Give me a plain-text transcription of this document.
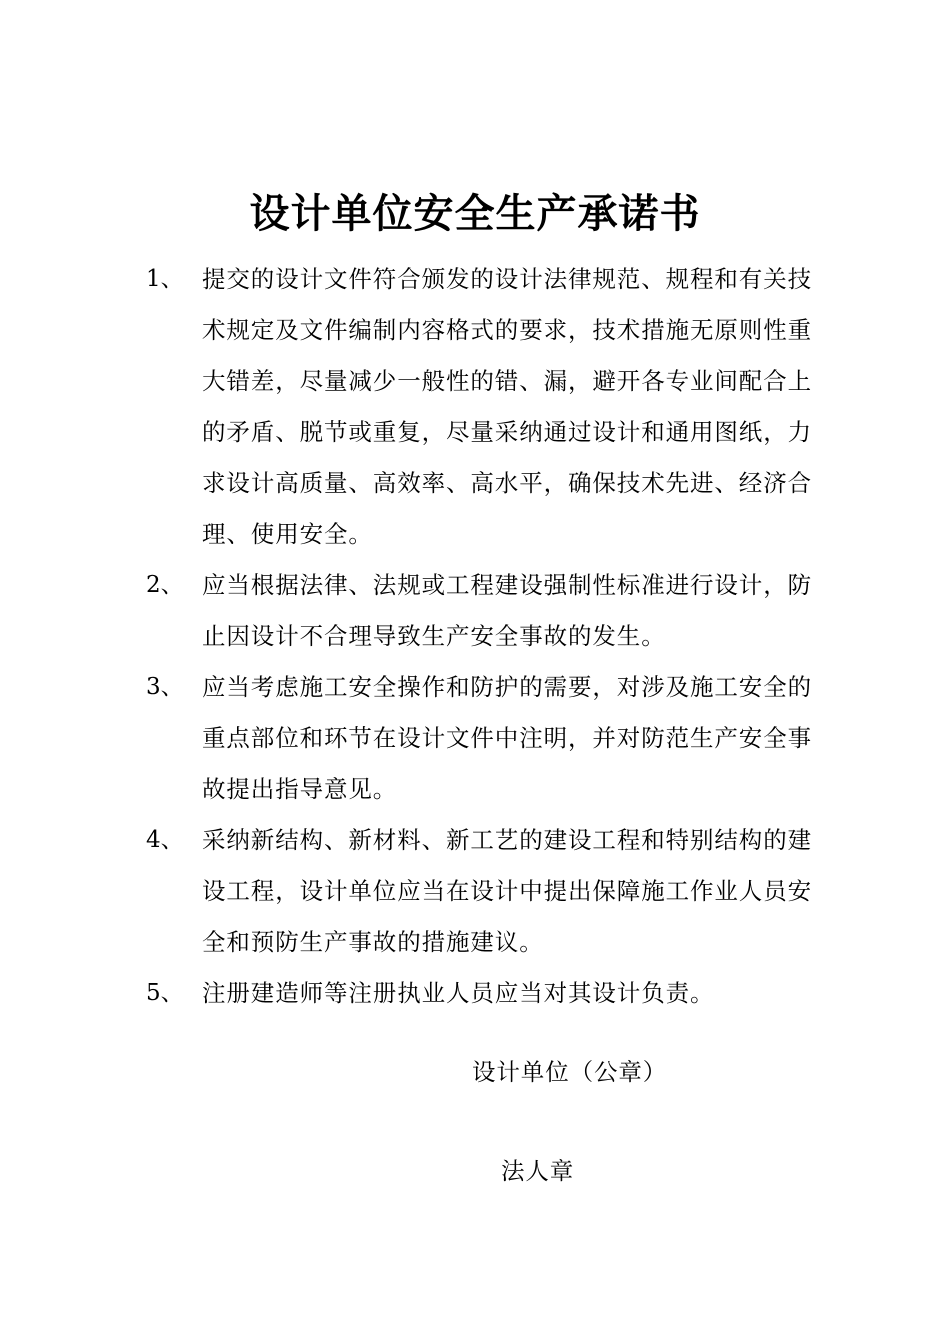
设计单位安全生产承诺书
1、 提交的设计文件符合颁发的设计法律规范、规程和有关技术规定及文件编制内容格式的要求，技术措施无原则性重大错差，尽量减少一般性的错、漏，避开各专业间配合上的矛盾、脱节或重复，尽量采纳通过设计和通用图纸，力求设计高质量、高效率、高水平，确保技术先进、经济合理、使用安全。
2、 应当根据法律、法规或工程建设强制性标准进行设计，防止因设计不合理导致生产安全事故的发生。
3、 应当考虑施工安全操作和防护的需要，对涉及施工安全的重点部位和环节在设计文件中注明，并对防范生产安全事故提出指导意见。
4、 采纳新结构、新材料、新工艺的建设工程和特别结构的建设工程，设计单位应当在设计中提出保障施工作业人员安全和预防生产事故的措施建议。
5、 注册建造师等注册执业人员应当对其设计负责。
设计单位（公章）
法人章
